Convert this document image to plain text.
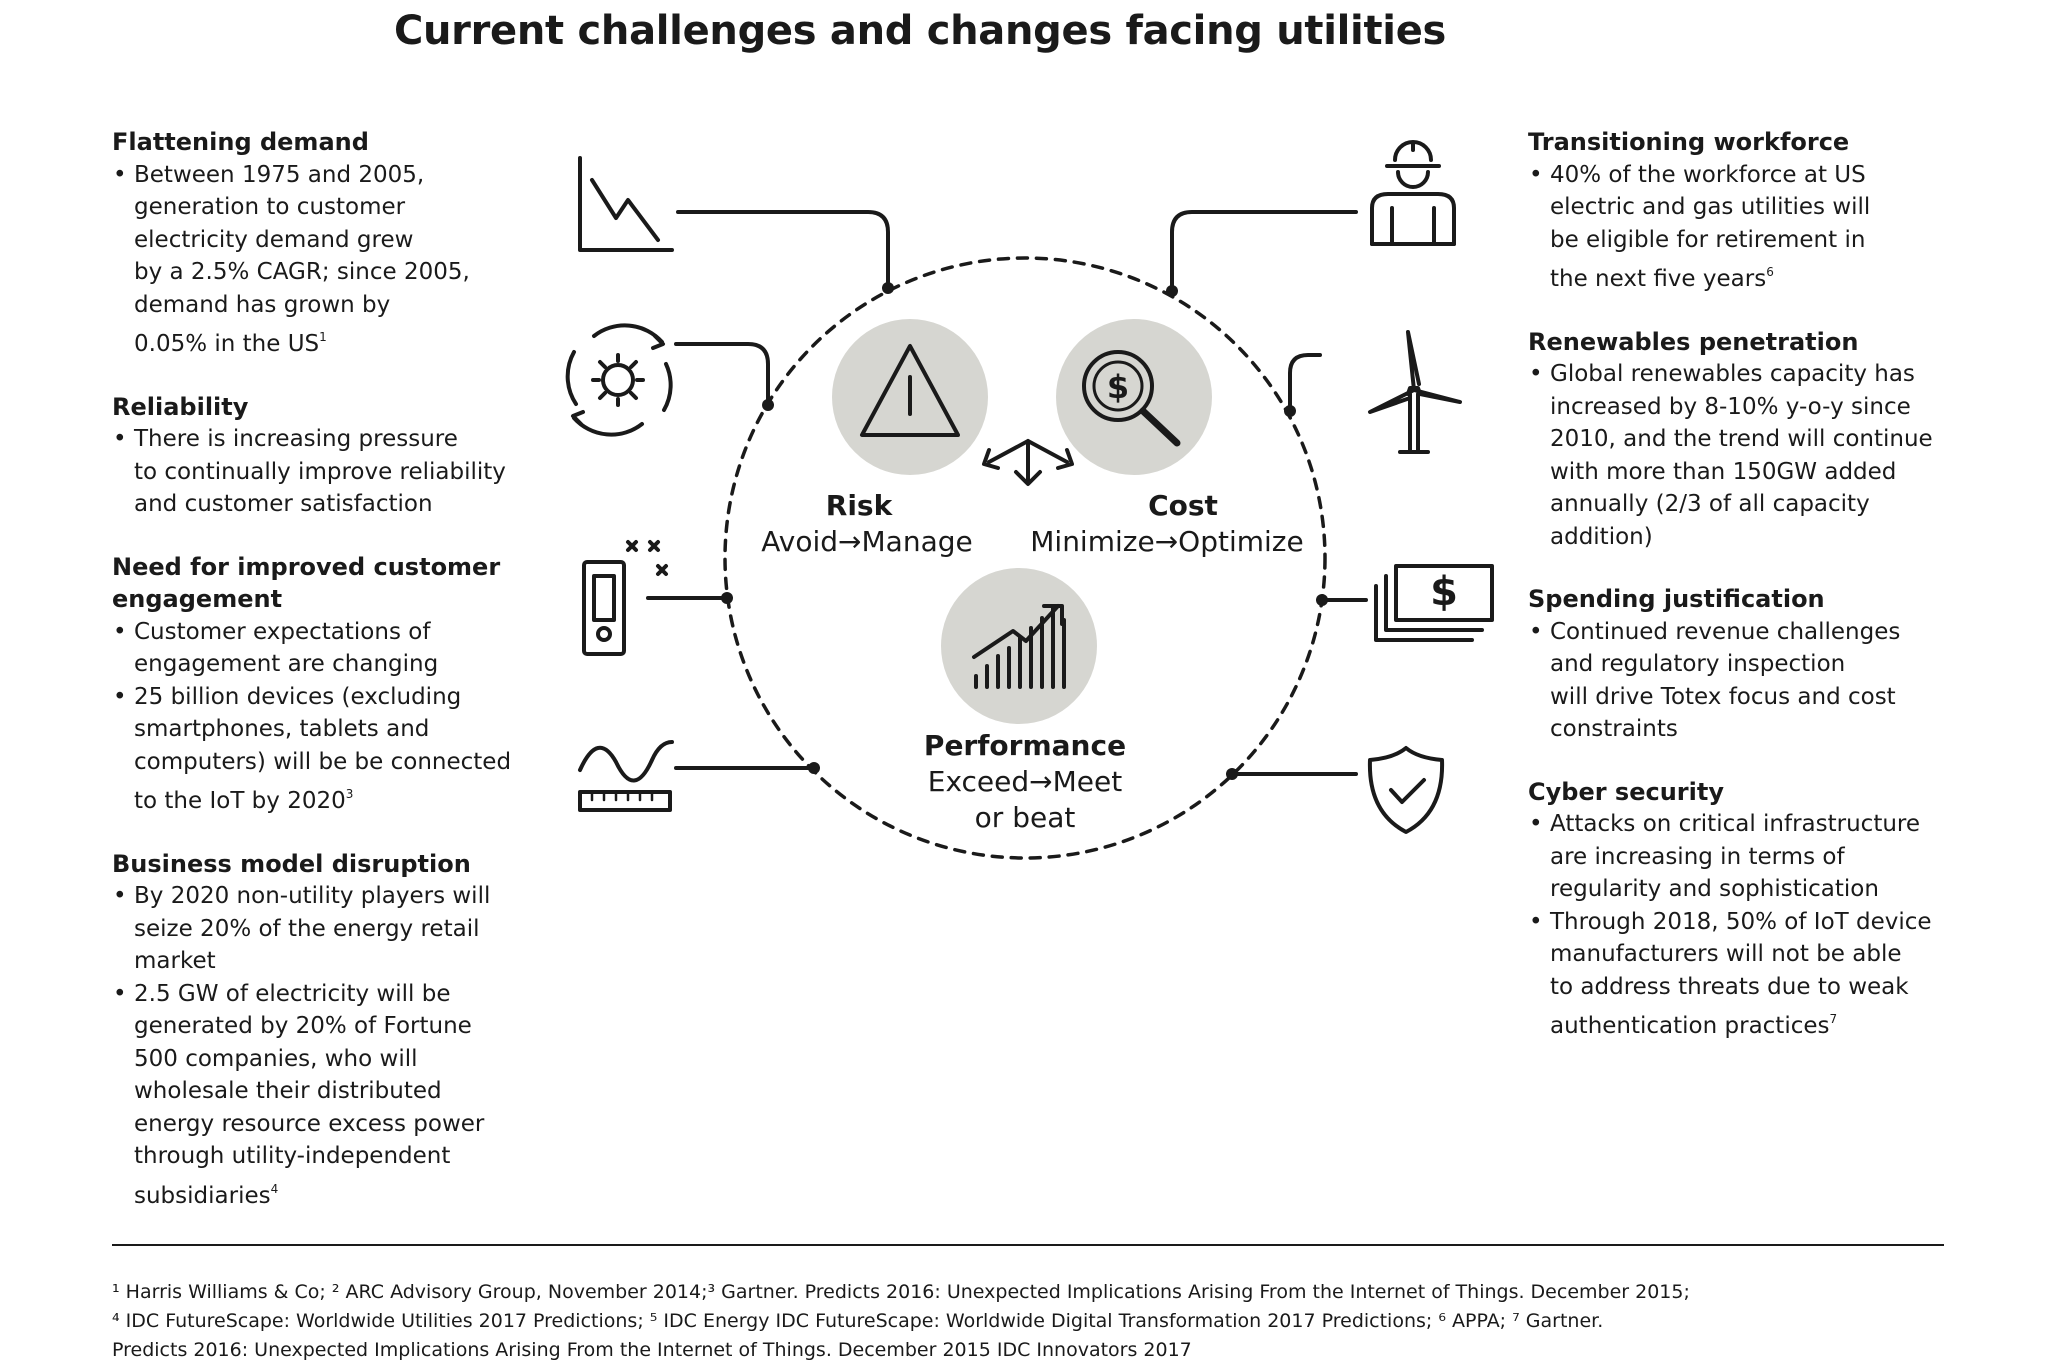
Current challenges and changes facing utilities
Flattening demand
• Between 1975 and 2005,
generation to customer
electricity demand grew
by a 2.5% CAGR; since 2005,
demand has grown by
0.05% in the $US^1$
Reliability
• There is increasing pressure
to continually improve reliability
and customer satisfaction
Need for improved customer
engagement
• Customer expectations of
engagement are changing
• 25 billion devices (excluding
smartphones, tablets and
computers) will be be connected
to the IoT by 2020$^3$
Business model disruption
• By 2020 non-utility players will
seize 20% of the energy retail
market
• 2.5 GW of electricity will be
generated by 20% of Fortune
500 companies, who will
wholesale their distributed
energy resource excess power
through utility-independent
subsidiaries$^4$
Transitioning workforce
• 40% of the workforce at US
electric and gas utilities will
be eligible for retirement in
the next five years$^6$
Renewables penetration
• Global renewables capacity has
increased by 8-10% y-o-y since
2010, and the trend will continue
with more than 150GW added
annually (2/3 of all capacity
addition)
Spending justification
• Continued revenue challenges
and regulatory inspection
will drive Totex focus and cost
constraints
Cyber security
• Attacks on critical infrastructure
are increasing in terms of
regularity and sophistication
• Through 2018, 50% of IoT device
manufacturers will not be able
to address threats due to weak
authentication practices$^7$
$
$
Risk
Avoid→Manage
Cost
Minimize→Optimize
Performance
Exceed→Meet
or beat
¹ Harris Williams & Co; ² ARC Advisory Group, November 2014;³ Gartner. Predicts 2016: Unexpected Implications Arising From the Internet of Things. December 2015;
⁴ IDC FutureScape: Worldwide Utilities 2017 Predictions; ⁵ IDC Energy IDC FutureScape: Worldwide Digital Transformation 2017 Predictions; ⁶ APPA; ⁷ Gartner.
Predicts 2016: Unexpected Implications Arising From the Internet of Things. December 2015 IDC Innovators 2017
